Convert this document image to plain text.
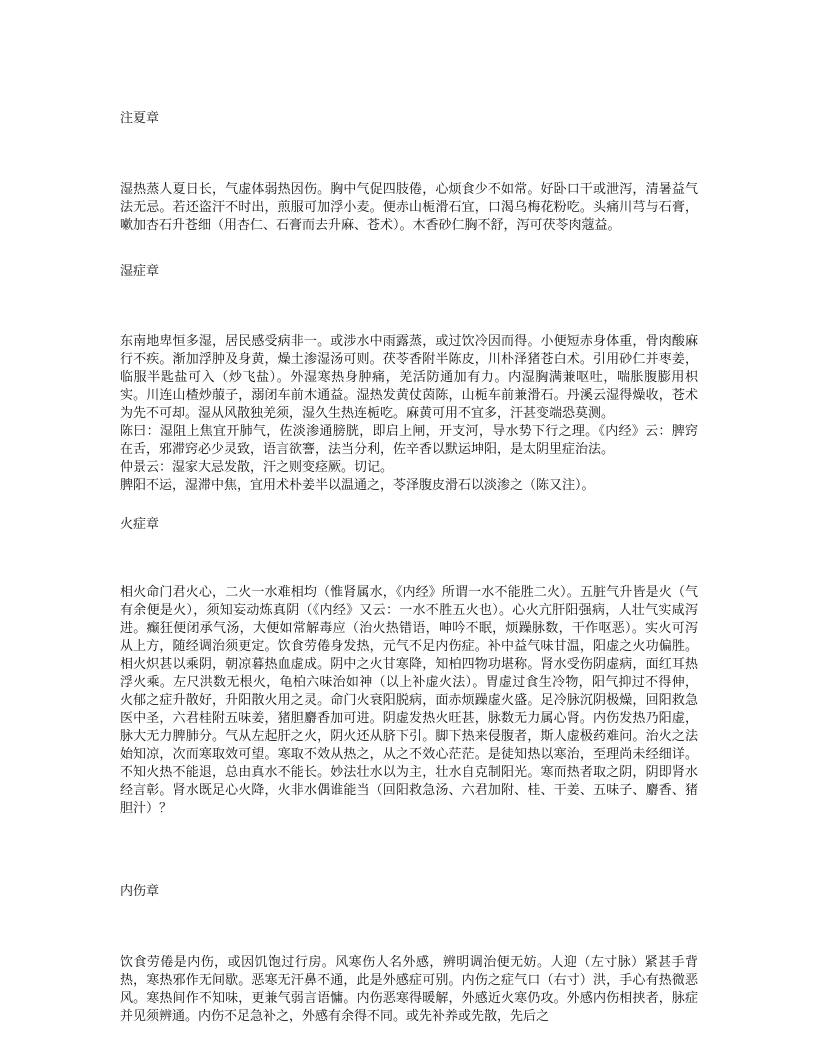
注夏章

湿热蒸人夏日长，气虚体弱热因伤。胸中气促四肢倦，心烦食少不如常。好卧口干或泄泻，清暑益气法无忌。若还盗汗不时出，煎服可加浮小麦。便赤山栀滑石宜，口渴乌梅花粉吃。头痛川芎与石膏，嗽加杏石升苍细（用杏仁、石膏而去升麻、苍术）。木香砂仁胸不舒，泻可茯苓肉蔻益。

湿症章

东南地卑恒多湿，居民感受病非一。或涉水中雨露蒸，或过饮冷因而得。小便短赤身体重，骨肉酸麻行不疾。渐加浮肿及身黄，燥土渗湿汤可则。茯苓香附半陈皮，川朴泽猪苍白术。引用砂仁并枣姜，临服半匙盐可入（炒飞盐）。外湿寒热身肿痛，羌活防通加有力。内湿胸满兼呕吐，喘胀腹膨用枳实。川连山楂炒菔子，溺闭车前木通益。湿热发黄仗茵陈，山栀车前兼滑石。丹溪云湿得燥收，苍术为先不可却。湿从风散独羌须，湿久生热连栀吃。麻黄可用不宜多，汗甚变端恐莫测。

陈曰：湿阻上焦宜开肺气，佐淡渗通膀胱，即启上闸，开支河，导水势下行之理。《内经》云：脾窍在舌，邪滞窍必少灵致，语言欲謇，法当分利，佐辛香以默运坤阳，是太阴里症治法。

仲景云：湿家大忌发散，汗之则变痉厥。切记。

脾阳不运，湿滞中焦，宜用术朴姜半以温通之，苓泽腹皮滑石以淡渗之（陈又注）。

火症章

相火命门君火心，二火一水难相均（惟肾属水，《内经》所谓一水不能胜二火）。五脏气升皆是火（气有余便是火），须知妄动炼真阴（《内经》又云：一水不胜五火也）。心火亢肝阳强病，人壮气实咸泻进。癫狂便闭承气汤，大便如常解毒应（治火热错语，呻吟不眠，烦躁脉数，干作呕恶）。实火可泻从上方，随经调治须更定。饮食劳倦身发热，元气不足内伤症。补中益气味甘温，阳虚之火功偏胜。相火炽甚以乘阴，朝凉暮热血虚成。阴中之火甘寒降，知柏四物功堪称。肾水受伤阴虚病，面红耳热浮火乘。左尺洪数无根火，龟柏六味治如神（以上补虚火法）。胃虚过食生冷物，阳气抑过不得伸，火郁之症升散好，升阳散火用之灵。命门火衰阳脱病，面赤烦躁虚火盛。足冷脉沉阴极燥，回阳救急医中圣，六君桂附五味姜，猪胆麝香加可进。阴虚发热火旺甚，脉数无力属心肾。内伤发热乃阳虚，脉大无力脾肺分。气从左起肝之火，阴火还从脐下引。脚下热来侵腹者，斯人虚极药难问。治火之法始知凉，次而寒取效可望。寒取不效从热之，从之不效心茫茫。是徒知热以寒治，至理尚未经细详。不知火热不能退，总由真水不能长。妙法壮水以为主，壮水自克制阳光。寒而热者取之阴，阴即肾水经言彰。肾水既足心火降，火非水偶谁能当（回阳救急汤、六君加附、桂、干姜、五味子、麝香、猪胆汁）？

内伤章

饮食劳倦是内伤，或因饥饱过行房。风寒伤人名外感，辨明调治便无妨。人迎（左寸脉）紧甚手背热，寒热邪作无间歇。恶寒无汗鼻不通，此是外感症可别。内伤之症气口（右寸）洪，手心有热微恶风。寒热间作不知味，更兼气弱言语慵。内伤恶寒得暖解，外感近火寒仍攻。外感内伤相挟者，脉症并见须辨通。内伤不足急补之，外感有余得不同。或先补养或先散，先后之
